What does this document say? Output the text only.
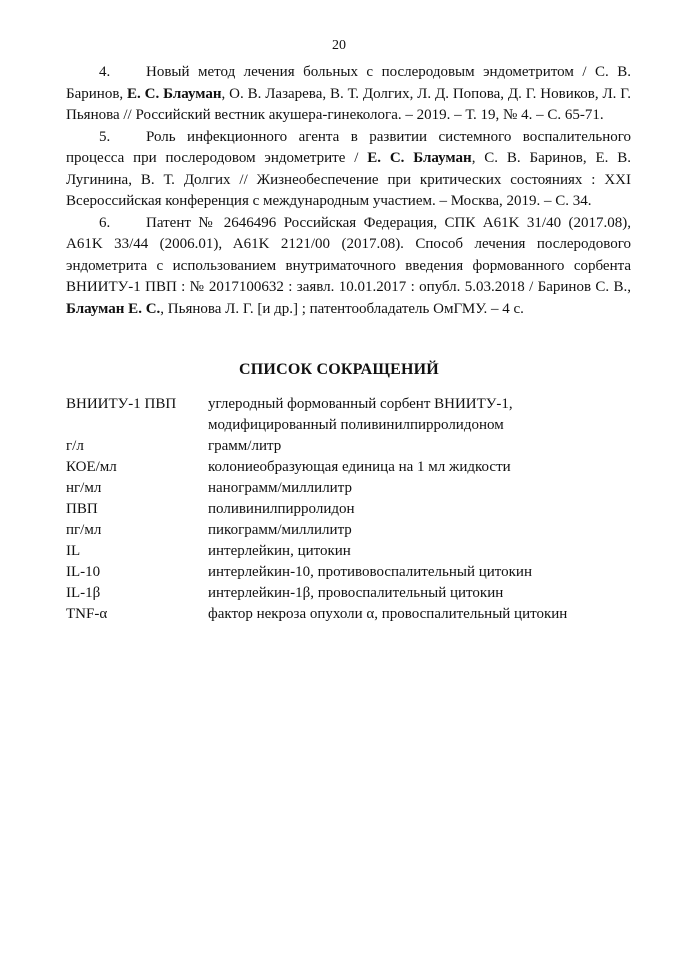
20

4. Новый метод лечения больных с послеродовым эндометритом / С. В. Баринов, Е. С. Блауман, О. В. Лазарева, В. Т. Долгих, Л. Д. Попова, Д. Г. Новиков, Л. Г. Пьянова // Российский вестник акушера-гинеколога. – 2019. – Т. 19, № 4. – С. 65-71.

5. Роль инфекционного агента в развитии системного воспалительного процесса при послеродовом эндометрите / Е. С. Блауман, С. В. Баринов, Е. В. Лугинина, В. Т. Долгих // Жизнеобеспечение при критических состояниях : XXI Всероссийская конференция с международным участием. – Москва, 2019. – С. 34.

6. Патент № 2646496 Российская Федерация, СПК A61K 31/40 (2017.08), A61K 33/44 (2006.01), A61K 2121/00 (2017.08). Способ лечения послеродового эндометрита с использованием внутриматочного введения формованного сорбента ВНИИТУ-1 ПВП : № 2017100632 : заявл. 10.01.2017 : опубл. 5.03.2018 / Баринов С. В., Блауман Е. С., Пьянова Л. Г. [и др.] ; патентообладатель ОмГМУ. – 4 с.

СПИСОК СОКРАЩЕНИЙ
ВНИИТУ-1 ПВП	углеродный формованный сорбент ВНИИТУ-1,
модифицированный поливинилпирролидоном
г/л	грамм/литр
КОЕ/мл	колониеобразующая единица на 1 мл жидкости
нг/мл	нанограмм/миллилитр
ПВП	поливинилпирролидон
пг/мл	пикограмм/миллилитр
IL	интерлейкин, цитокин
IL-10	интерлейкин-10, противовоспалительный цитокин
IL-1β	интерлейкин-1β, провоспалительный цитокин
TNF-α	фактор некроза опухоли α, провоспалительный цитокин
